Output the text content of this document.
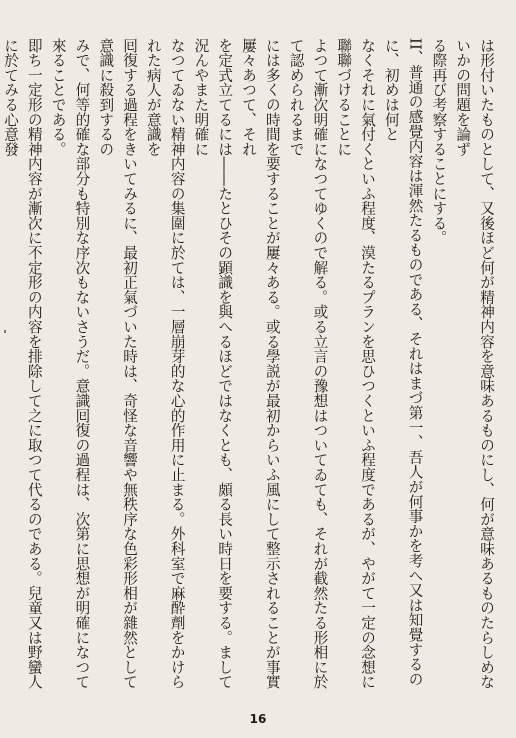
は形付いたものとして、又後ほど何が精神内容を意味あるものにし、何が意味あるものたらしめないかの問題を論ず

る際再び考察することにする。

II、普通の感覺内容は渾然たるものである、それはまづ第一、吾人が何事かを考へ又は知覺するのに、初めは何と

なくそれに氣付くといふ程度、漠たるプランを思ひつくといふ程度であるが、やがて一定の念想に聯聯づけることに

よつて漸次明確になつてゆくので解る。或る立言の豫想はついてゐても、それが截然たる形相に於て認められるまで

には多くの時間を要することが屢々ある。或る學説が最初からいふ風にして整示されることが事實屢々あつて、それ

を定式立てるには――たとひその顕識を與へるほどではなくとも、頗る長い時日を要する。まして況んやまた明確に

なつてゐない精神内容の集圍に於ては、一層崩芽的な心的作用に止まる。外科室で麻酔劑をかけられた病人が意識を

囘復する過程をきいてみるに、最初正氣づいた時は、奇怪な音響や無秩序な色彩形相が雜然として意識に殺到するの

みで、何等的確な部分も特別な序次もないさうだ。意識囘復の過程は、次第に思想が明確になつて來ることである。

即ち一定形の精神内容が漸次に不定形の内容を排除して之に取つて代るのである。兒童又は野蠻人に於てみる心意發

16
